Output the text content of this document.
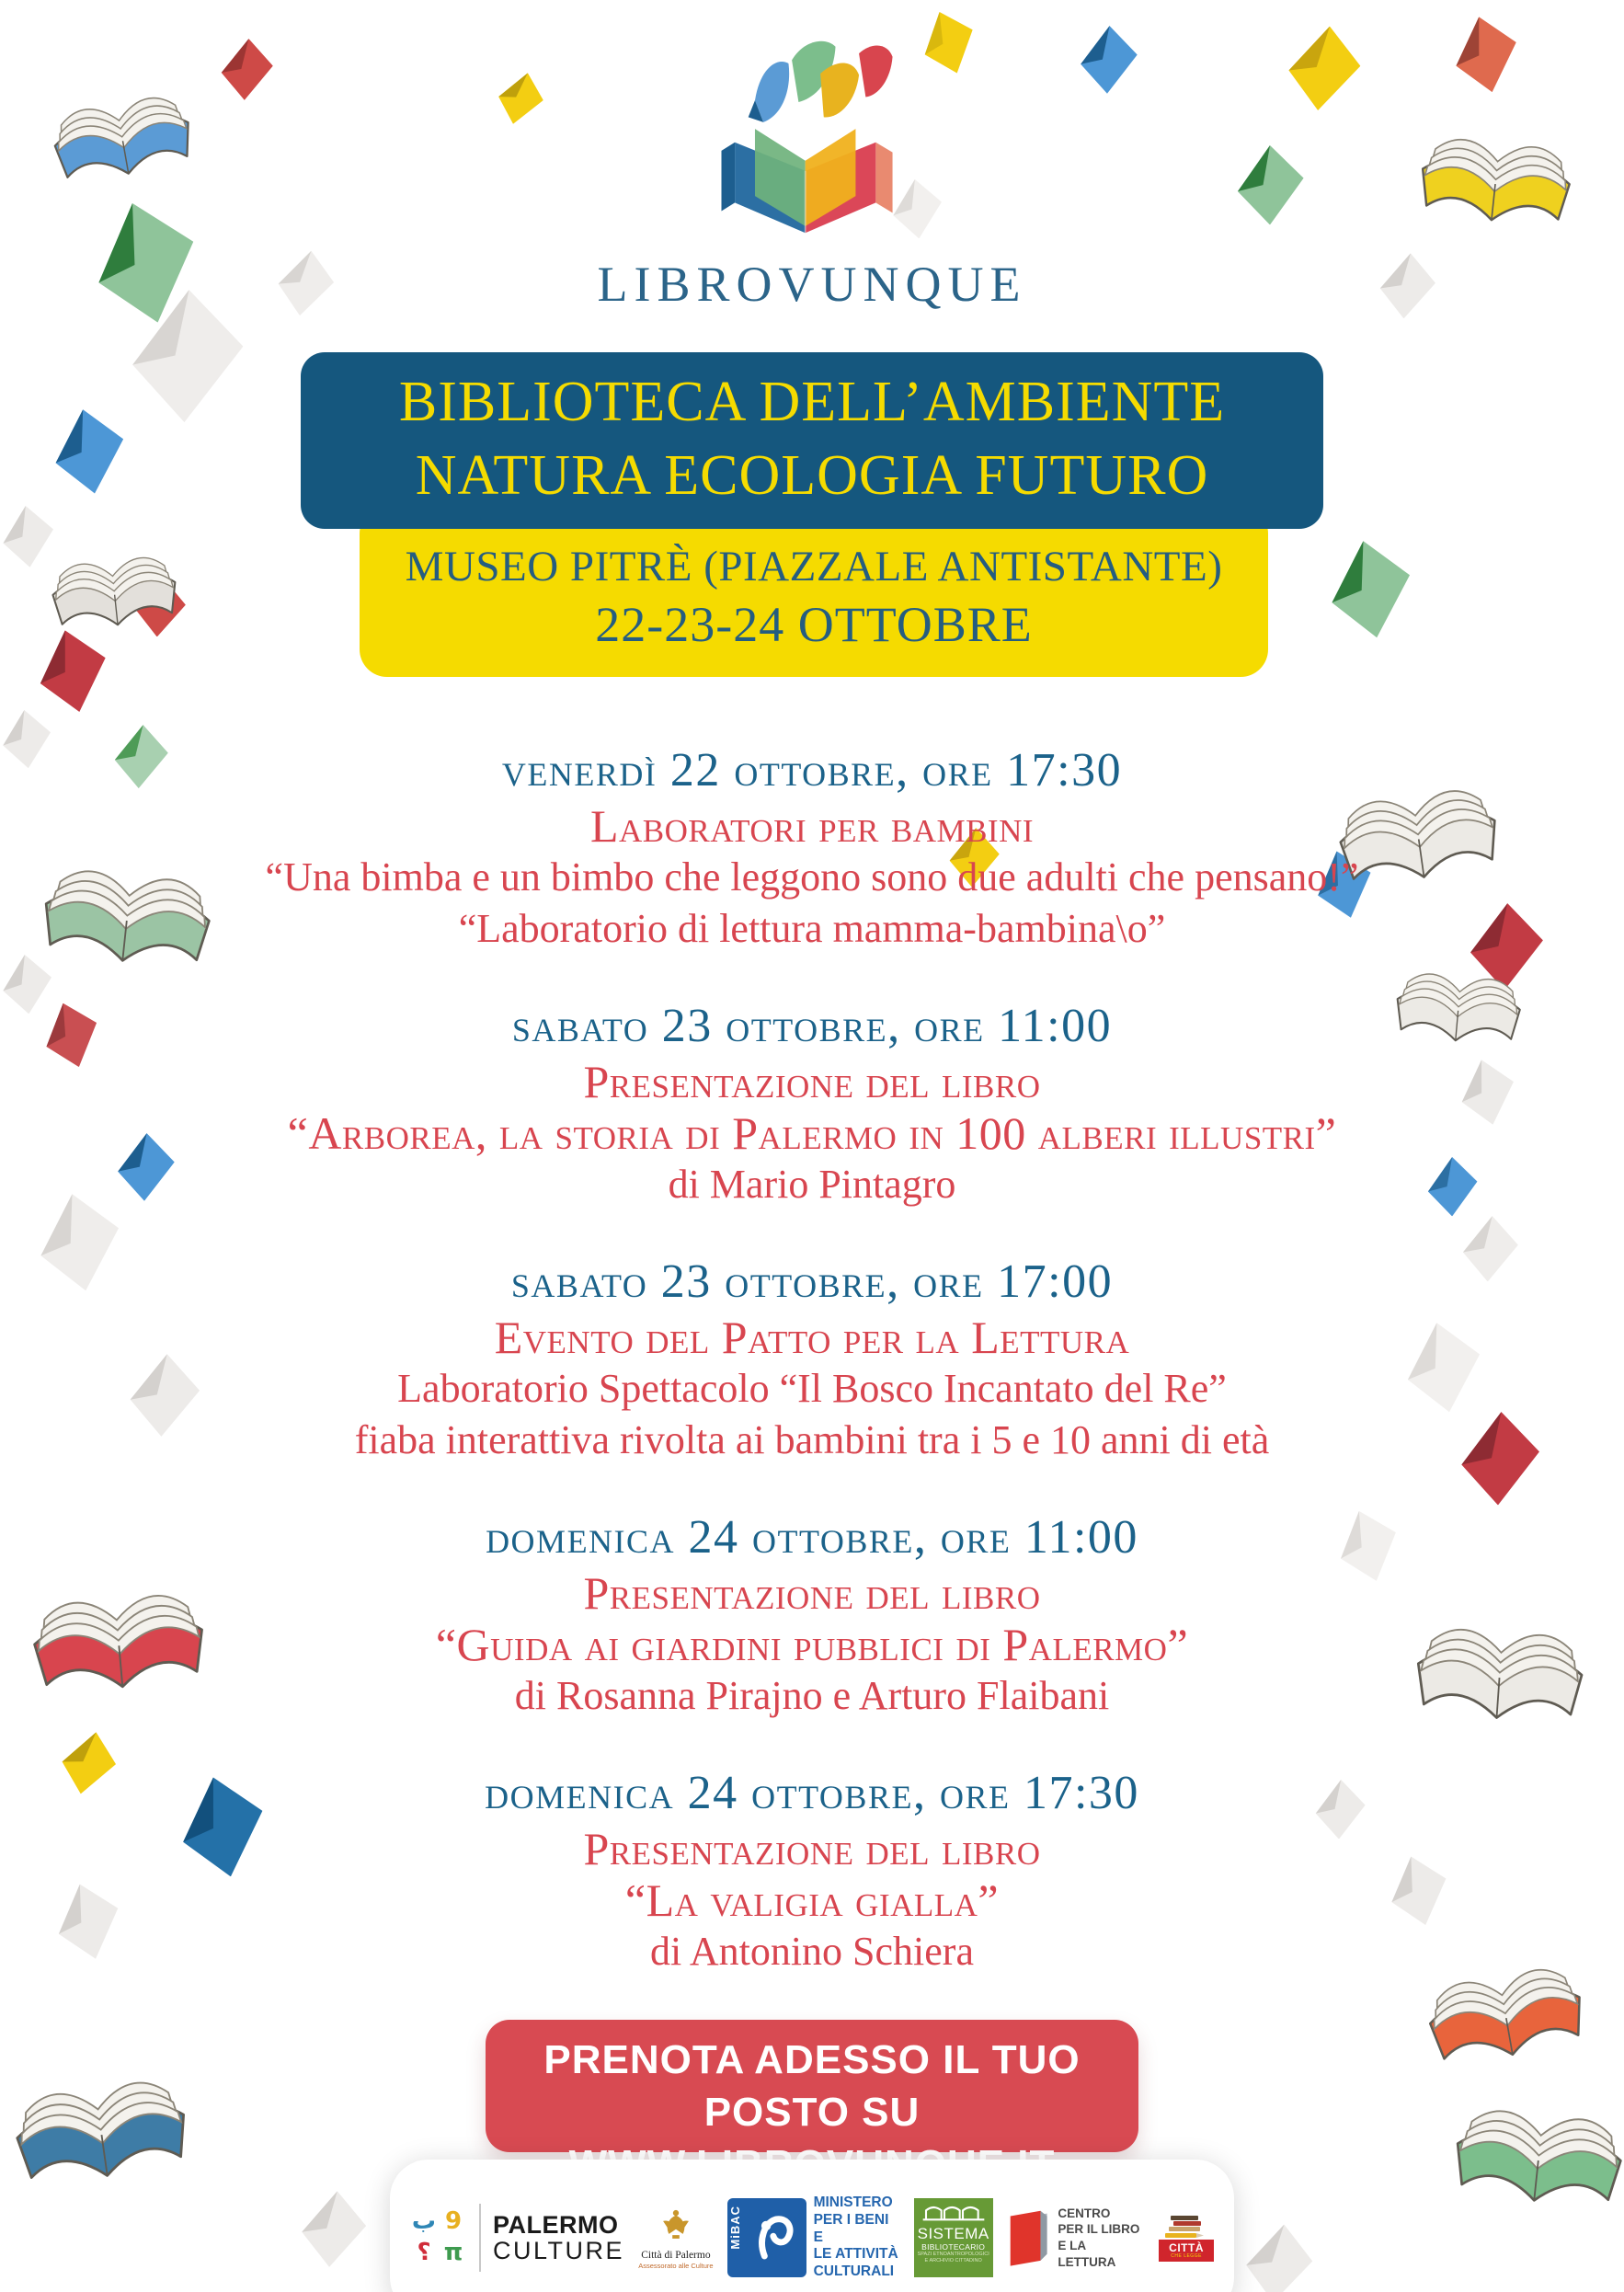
LIBROVUNQUE
BIBLIOTECA DELL’AMBIENTE
NATURA ECOLOGIA FUTURO
MUSEO PITRÈ (PIAZZALE ANTISTANTE)
22-23-24 OTTOBRE
venerdì 22 ottobre, ore 17:30
Laboratori per bambini
“Una bimba e un bimbo che leggono sono due adulti che pensano!”
“Laboratorio di lettura mamma-bambina\o”
sabato 23 ottobre, ore 11:00
Presentazione del libro
“Arborea, la storia di Palermo in 100 alberi illustri”
di Mario Pintagro
sabato 23 ottobre, ore 17:00
Evento del Patto per la Lettura
Laboratorio Spettacolo “Il Bosco Incantato del Re”
fiaba interattiva rivolta ai bambini tra i 5 e 10 anni di età
domenica 24 ottobre, ore 11:00
Presentazione del libro
“Guida ai giardini pubblici di Palermo”
di Rosanna Pirajno e Arturo Flaibani
domenica 24 ottobre, ore 17:30
Presentazione del libro
“La valigia gialla”
di Antonino Schiera
PRENOTA ADESSO IL TUO POSTO SU
ب 9
؟ π
PALERMO
CULTURE	Città di Palermo
Assessorato alle Culture
MiBAC
MINISTERO
PER I BENI E
LE ATTIVITÀ
CULTURALI
SISTEMA
BIBLIOTECARIO
SPAZI ETNOANTROPOLOGICI
E ARCHIVIO CITTADINO
CENTRO
PER IL LIBRO
E LA LETTURA
CITTÀ
CHE LEGGE
